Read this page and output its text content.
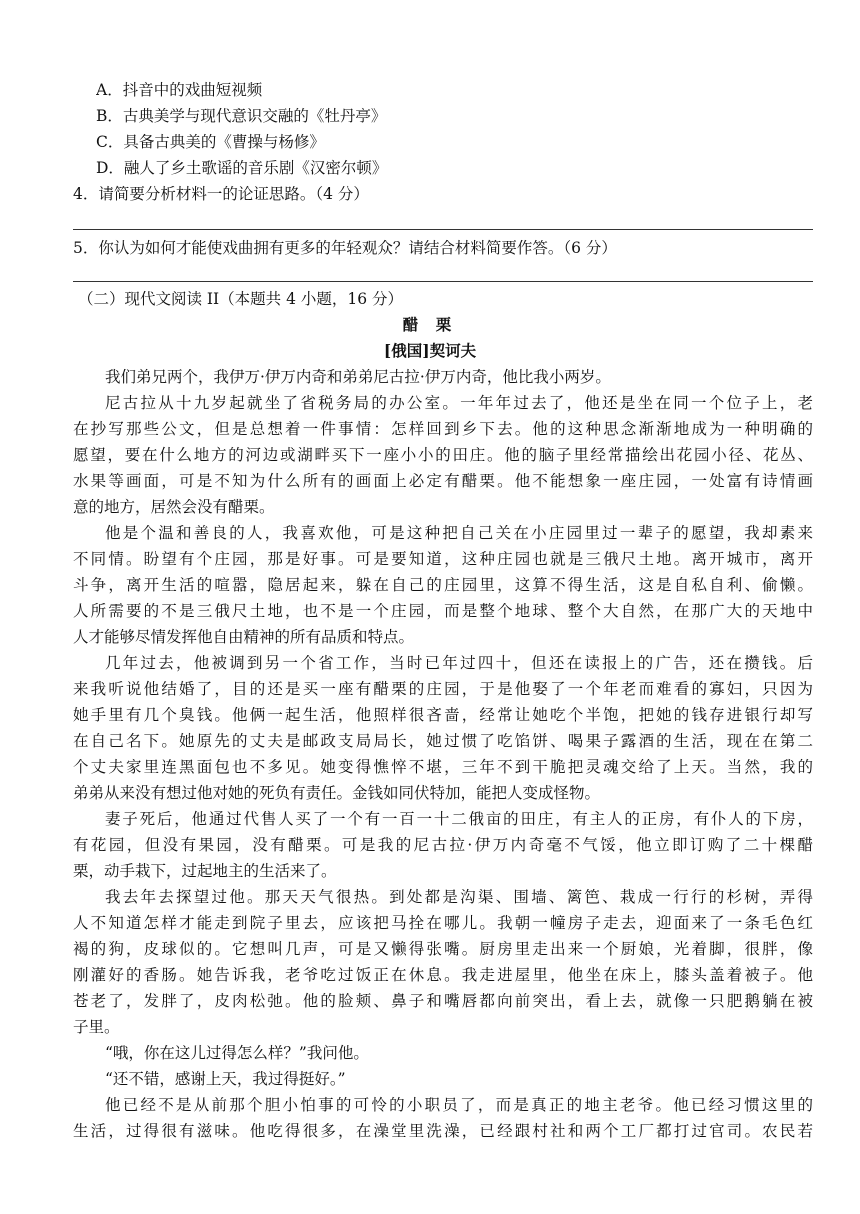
A．抖音中的戏曲短视频
B．古典美学与现代意识交融的《牡丹亭》
C．具备古典美的《曹操与杨修》
D．融人了乡土歌谣的音乐剧《汉密尔顿》
4．请简要分析材料一的论证思路。（4 分）
5．你认为如何才能使戏曲拥有更多的年轻观众？请结合材料简要作答。（6 分）
（二）现代文阅读 II（本题共 4 小题，16 分）
醋 栗
[俄国]契诃夫
我们弟兄两个，我伊万·伊万内奇和弟弟尼古拉·伊万内奇，他比我小两岁。
尼古拉从十九岁起就坐了省税务局的办公室。一年年过去了，他还是坐在同一个位子上，老
在抄写那些公文，但是总想着一件事情：怎样回到乡下去。他的这种思念渐渐地成为一种明确的
愿望，要在什么地方的河边或湖畔买下一座小小的田庄。他的脑子里经常描绘出花园小径、花丛、
水果等画面，可是不知为什么所有的画面上必定有醋栗。他不能想象一座庄园，一处富有诗情画
意的地方，居然会没有醋栗。
他是个温和善良的人，我喜欢他，可是这种把自己关在小庄园里过一辈子的愿望，我却素来
不同情。盼望有个庄园，那是好事。可是要知道，这种庄园也就是三俄尺土地。离开城市，离开
斗争，离开生活的喧嚣，隐居起来，躲在自己的庄园里，这算不得生活，这是自私自利、偷懒。
人所需要的不是三俄尺土地，也不是一个庄园，而是整个地球、整个大自然，在那广大的天地中
人才能够尽情发挥他自由精神的所有品质和特点。
几年过去，他被调到另一个省工作，当时已年过四十，但还在读报上的广告，还在攒钱。后
来我听说他结婚了，目的还是买一座有醋栗的庄园，于是他娶了一个年老而难看的寡妇，只因为
她手里有几个臭钱。他俩一起生活，他照样很吝啬，经常让她吃个半饱，把她的钱存进银行却写
在自己名下。她原先的丈夫是邮政支局局长，她过惯了吃馅饼、喝果子露酒的生活，现在在第二
个丈夫家里连黑面包也不多见。她变得憔悴不堪，三年不到干脆把灵魂交给了上天。当然，我的
弟弟从来没有想过他对她的死负有责任。金钱如同伏特加，能把人变成怪物。
妻子死后，他通过代售人买了一个有一百一十二俄亩的田庄，有主人的正房，有仆人的下房，
有花园，但没有果园，没有醋栗。可是我的尼古拉·伊万内奇毫不气馁，他立即订购了二十棵醋
栗，动手栽下，过起地主的生活来了。
我去年去探望过他。那天天气很热。到处都是沟渠、围墙、篱笆、栽成一行行的杉树，弄得
人不知道怎样才能走到院子里去，应该把马拴在哪儿。我朝一幢房子走去，迎面来了一条毛色红
褐的狗，皮球似的。它想叫几声，可是又懒得张嘴。厨房里走出来一个厨娘，光着脚，很胖，像
刚灌好的香肠。她告诉我，老爷吃过饭正在休息。我走进屋里，他坐在床上，膝头盖着被子。他
苍老了，发胖了，皮肉松弛。他的脸颊、鼻子和嘴唇都向前突出，看上去，就像一只肥鹅躺在被
子里。
“哦，你在这儿过得怎么样？”我问他。
“还不错，感谢上天，我过得挺好。”
他已经不是从前那个胆小怕事的可怜的小职员了，而是真正的地主老爷。他已经习惯这里的
生活，过得很有滋味。他吃得很多，在澡堂里洗澡，已经跟村社和两个工厂都打过官司。农民若
